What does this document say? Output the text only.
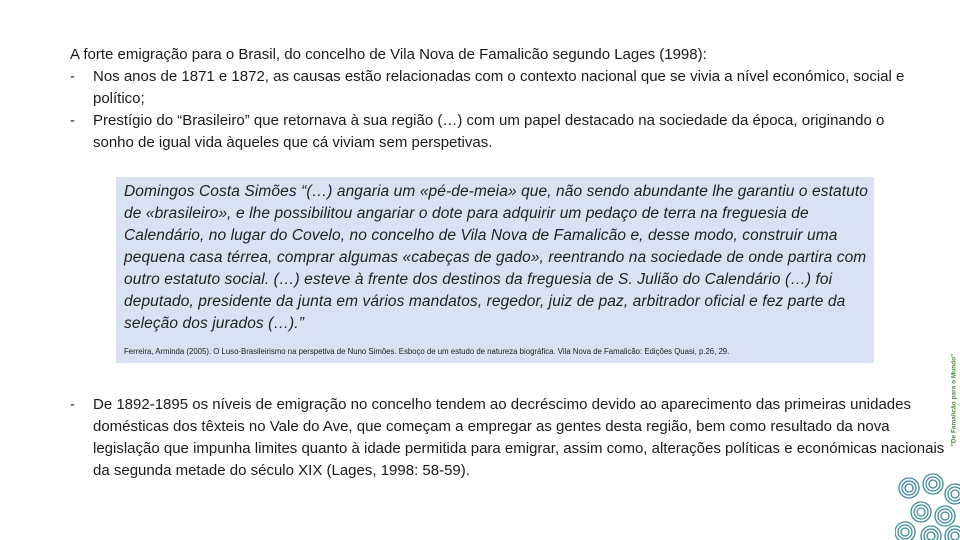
A forte emigração para o Brasil, do concelho de Vila Nova de Famalicão segundo Lages (1998):
-	Nos anos de 1871 e 1872, as causas estão relacionadas com o contexto nacional que se vivia a nível económico, social e político;
-	Prestígio do “Brasileiro” que retornava à sua região (…) com um papel destacado na sociedade da época, originando o sonho de igual vida àqueles que cá viviam sem perspetivas.
Domingos Costa Simões “(…) angaria um «pé-de-meia» que, não sendo abundante lhe garantiu o estatuto de «brasileiro», e lhe possibilitou angariar o dote para adquirir um pedaço de terra na freguesia de Calendário, no lugar do Covelo, no concelho de Vila Nova de Famalicão e, desse modo, construir uma pequena casa térrea, comprar algumas «cabeças de gado», reentrando na sociedade de onde partira com outro estatuto social. (…) esteve à frente dos destinos da freguesia de S. Julião do Calendário (…) foi deputado, presidente da junta em vários mandatos, regedor, juiz de paz, arbitrador oficial e fez parte da seleção dos jurados (…).”
Ferreira, Arminda (2005). O Luso-Brasileirismo na perspetiva de Nuno Simões. Esboço de um estudo de natureza biográfica. Vila Nova de Famalicão: Edições Quasi, p.26, 29.
-	De 1892-1895 os níveis de emigração no concelho tendem ao decréscimo devido ao aparecimento das primeiras unidades domésticas dos têxteis no Vale do Ave, que começam a empregar as gentes desta região, bem como resultado da nova legislação que impunha limites quanto à idade permitida para emigrar, assim como, alterações políticas e económicas nacionais da segunda metade do século XIX (Lages, 1998: 58-59).
"De Famalicão para o Mundo"
